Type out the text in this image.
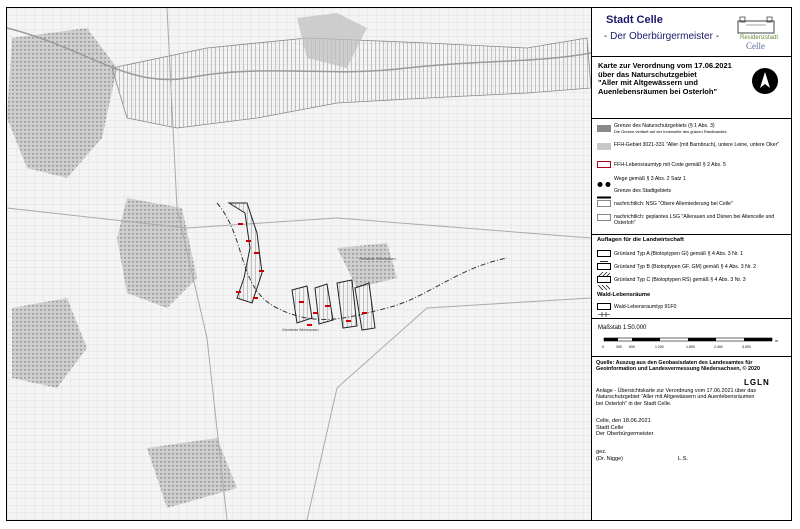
Gemeinde Wienhausen
Gemeinde Wienhausen
Stadt Celle
- Der Oberbürgermeister -	Residenzstadt
Celle
Karte zur Verordnung vom 17.06.2021
über das Naturschutzgebiet
"Aller mit Altgewässern und
Auenlebensräumen bei Osterloh"
Grenze des Naturschutzgebiets (§ 1 Abs. 3)
Die Grenze verläuft auf der Innenseite des grauen Randbandes
FFH-Gebiet 3021-331 "Aller (mit Barnbruch), untere Leine, untere Oker"
FFH-Lebensraumtyp mit Code gemäß § 2 Abs. 5
Wege gemäß § 3 Abs. 2 Satz 1
Grenze des Stadtgebiets
nachrichtlich: NSG "Obere Allerniederung bei Celle"
nachrichtlich: geplantes LSG "Allerauen und Dünen bei Altencelle und Osterloh"
Auflagen für die Landwirtschaft
Grünland Typ A (Biotoptypen GI) gemäß § 4 Abs. 3 Nr. 1
Grünland Typ B (Biotoptypen GF, GM) gemäß § 4 Abs. 3 Nr. 2
Grünland Typ C (Biotoptypen RS) gemäß § 4 Abs. 3 Nr. 3
Wald-Lebensräume
Wald-Lebensraumtyp 91F0
Maßstab 1:50.000
0	300 600	1.200	1.800	2.400	3.000
m
Quelle: Auszug aus den Geobasisdaten des Landesamtes für
Geoinformation und Landesvermessung Niedersachsen, © 2020
LGLN
Anlage - Übersichtskarte zur Verordnung vom 17.06.2021 über das
Naturschutzgebiet "Aller mit Altgewässern und Auenlebensräumen
bei Osterloh" in der Stadt Celle.
Celle, den 18.06.2021
Stadt Celle
Der Oberbürgermeister
gez.
(Dr. Nigge)	L.S.
